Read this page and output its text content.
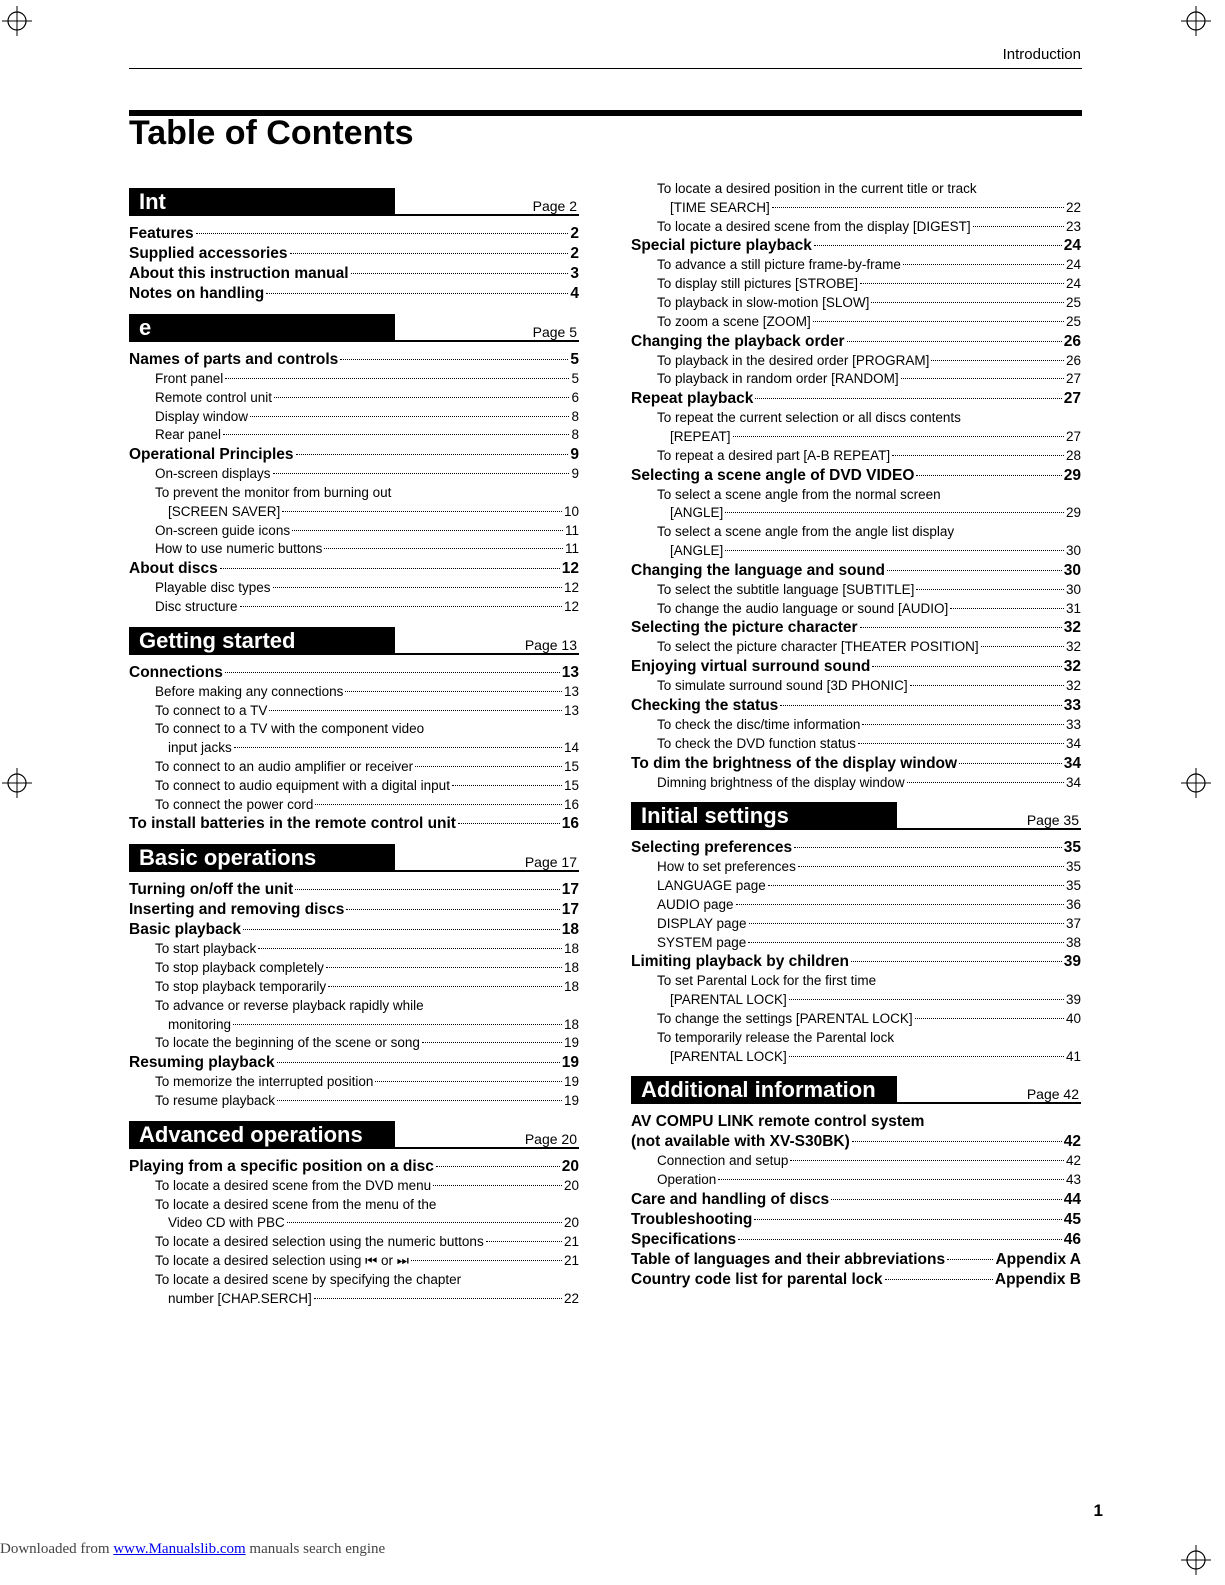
Introduction
Table of Contents
Int	Page 2
Features	2
Supplied accessories	2
About this instruction manual	3
Notes on handling	4
e	Page 5
Names of parts and controls	5
Front panel	5
Remote control unit	6
Display window	8
Rear panel	8
Operational Principles	9
On-screen displays	9
To prevent the monitor from burning out
[SCREEN SAVER]	10
On-screen guide icons	11
How to use numeric buttons	11
About discs	12
Playable disc types	12
Disc structure	12
Getting started	Page 13
Connections	13
Before making any connections	13
To connect to a TV	13
To connect to a TV with the component video
input jacks	14
To connect to an audio amplifier or receiver	15
To connect to audio equipment with a digital input	15
To connect the power cord	16
To install batteries in the remote control unit	16
Basic operations	Page 17
Turning on/off the unit	17
Inserting and removing discs	17
Basic playback	18
To start playback	18
To stop playback completely	18
To stop playback temporarily	18
To advance or reverse playback rapidly while
monitoring	18
To locate the beginning of the scene or song	19
Resuming playback	19
To memorize the interrupted position	19
To resume playback	19
Advanced operations	Page 20
Playing from a specific position on a disc	20
To locate a desired scene from the DVD menu	20
To locate a desired scene from the menu of the
Video CD with PBC	20
To locate a desired selection using the numeric buttons	21
To locate a desired selection using ⏮ or ⏭	21
To locate a desired scene by specifying the chapter
number [CHAP.SERCH]	22
To locate a desired position in the current title or track
[TIME SEARCH]	22
To locate a desired scene from the display [DIGEST]	23
Special picture playback	24
To advance a still picture frame-by-frame	24
To display still pictures [STROBE]	24
To playback in slow-motion [SLOW]	25
To zoom a scene [ZOOM]	25
Changing the playback order	26
To playback in the desired order [PROGRAM]	26
To playback in random order [RANDOM]	27
Repeat playback	27
To repeat the current selection or all discs contents
[REPEAT]	27
To repeat a desired part [A-B REPEAT]	28
Selecting a scene angle of DVD VIDEO	29
To select a scene angle from the normal screen
[ANGLE]	29
To select a scene angle from the angle list display
[ANGLE]	30
Changing the language and sound	30
To select the subtitle language [SUBTITLE]	30
To change the audio language or sound [AUDIO]	31
Selecting the picture character	32
To select the picture character [THEATER POSITION]	32
Enjoying virtual surround sound	32
To simulate surround sound [3D PHONIC]	32
Checking the status	33
To check the disc/time information	33
To check the DVD function status	34
To dim the brightness of the display window	34
Dimning brightness of the display window	34
Initial settings	Page 35
Selecting preferences	35
How to set preferences	35
LANGUAGE page	35
AUDIO page	36
DISPLAY page	37
SYSTEM page	38
Limiting playback by children	39
To set Parental Lock for the first time
[PARENTAL LOCK]	39
To change the settings [PARENTAL LOCK]	40
To temporarily release the Parental lock
[PARENTAL LOCK]	41
Additional information	Page 42
AV COMPU LINK remote control system
(not available with XV-S30BK)	42
Connection and setup	42
Operation	43
Care and handling of discs	44
Troubleshooting	45
Specifications	46
Table of languages and their abbreviations	Appendix A
Country code list for parental lock	Appendix B
1
Downloaded from www.Manualslib.com manuals search engine
